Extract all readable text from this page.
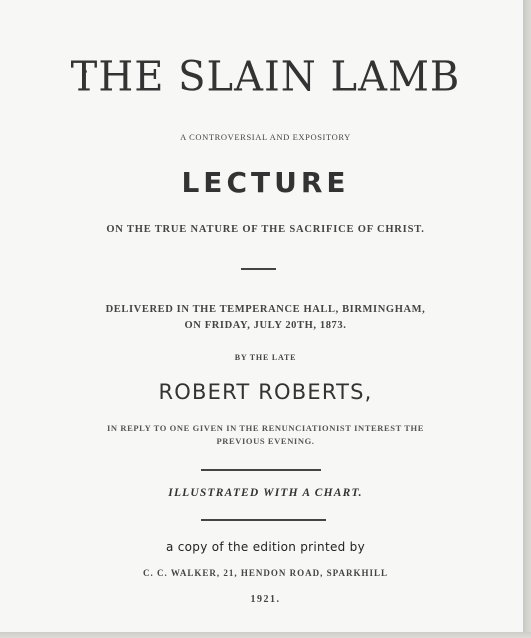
THE SLAIN LAMB
A CONTROVERSIAL AND EXPOSITORY
LECTURE
ON THE TRUE NATURE OF THE SACRIFICE OF CHRIST.
DELIVERED IN THE TEMPERANCE HALL, BIRMINGHAM,
ON FRIDAY, JULY 20TH, 1873.
BY THE LATE
ROBERT ROBERTS,
IN REPLY TO ONE GIVEN IN THE RENUNCIATIONIST INTEREST THE
PREVIOUS EVENING.
ILLUSTRATED WITH A CHART.
a copy of the edition printed by
C. C. WALKER, 21, HENDON ROAD, SPARKHILL
1921.
